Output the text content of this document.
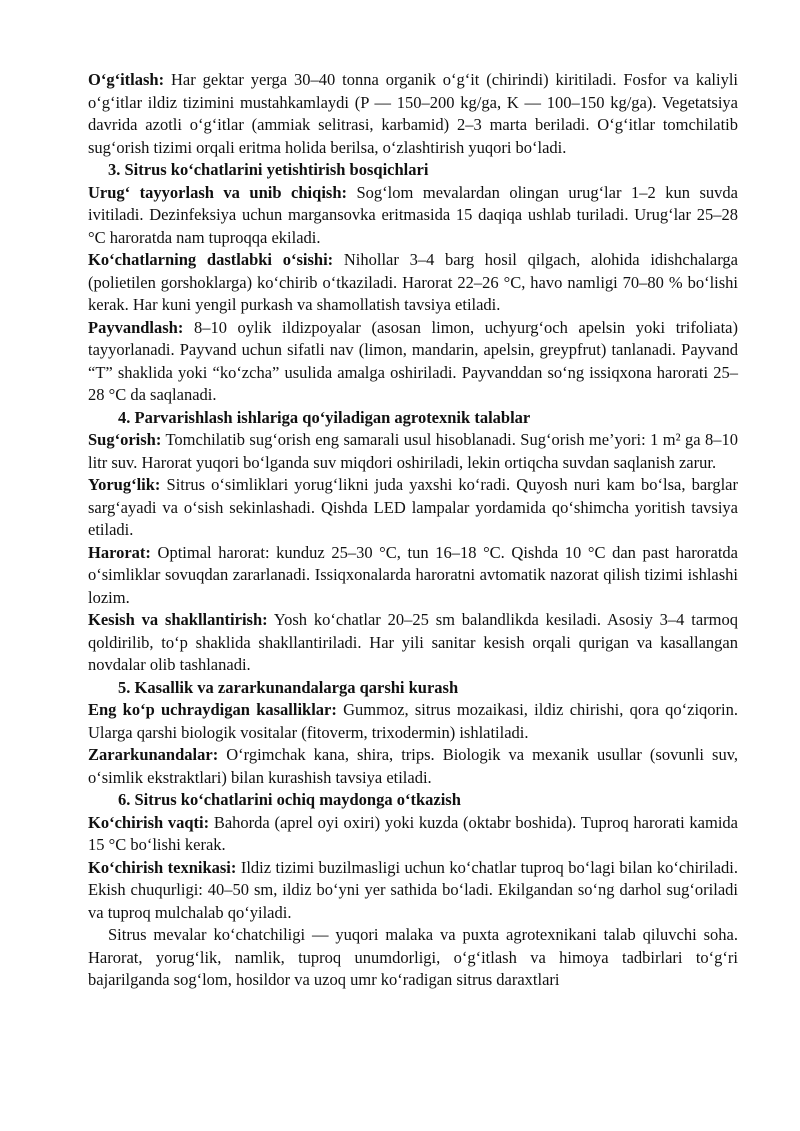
O‘g‘itlash: Har gektar yerga 30–40 tonna organik o‘g‘it (chirindi) kiritiladi. Fosfor va kaliyli o‘g‘itlar ildiz tizimini mustahkamlaydi (P — 150–200 kg/ga, K — 100–150 kg/ga). Vegetatsiya davrida azotli o‘g‘itlar (ammiak selitrasi, karbamid) 2–3 marta beriladi. O‘g‘itlar tomchilatib sug‘orish tizimi orqali eritma holida berilsa, o‘zlashtirish yuqori bo‘ladi.

3. Sitrus ko‘chatlarini yetishtirish bosqichlari

Urug‘ tayyorlash va unib chiqish: Sog‘lom mevalardan olingan urug‘lar 1–2 kun suvda ivitiladi. Dezinfeksiya uchun margansovka eritmasida 15 daqiqa ushlab turiladi. Urug‘lar 25–28 °C haroratda nam tuproqqa ekiladi.

Ko‘chatlarning dastlabki o‘sishi: Nihollar 3–4 barg hosil qilgach, alohida idishchalarga (polietilen gorshoklarga) ko‘chirib o‘tkaziladi. Harorat 22–26 °C, havo namligi 70–80 % bo‘lishi kerak. Har kuni yengil purkash va shamollatish tavsiya etiladi.

Payvandlash: 8–10 oylik ildizpoyalar (asosan limon, uchyurg‘och apelsin yoki trifoliata) tayyorlanadi. Payvand uchun sifatli nav (limon, mandarin, apelsin, greypfrut) tanlanadi. Payvand “T” shaklida yoki “ko‘zcha” usulida amalga oshiriladi. Payvanddan so‘ng issiqxona harorati 25–28 °C da saqlanadi.

4. Parvarishlash ishlariga qo‘yiladigan agrotexnik talablar

Sug‘orish: Tomchilatib sug‘orish eng samarali usul hisoblanadi. Sug‘orish me’yori: 1 m² ga 8–10 litr suv. Harorat yuqori bo‘lganda suv miqdori oshiriladi, lekin ortiqcha suvdan saqlanish zarur.

Yorug‘lik: Sitrus o‘simliklari yorug‘likni juda yaxshi ko‘radi. Quyosh nuri kam bo‘lsa, barglar sarg‘ayadi va o‘sish sekinlashadi. Qishda LED lampalar yordamida qo‘shimcha yoritish tavsiya etiladi.

Harorat: Optimal harorat: kunduz 25–30 °C, tun 16–18 °C. Qishda 10 °C dan past haroratda o‘simliklar sovuqdan zararlanadi. Issiqxonalarda haroratni avtomatik nazorat qilish tizimi ishlashi lozim.

Kesish va shakllantirish: Yosh ko‘chatlar 20–25 sm balandlikda kesiladi. Asosiy 3–4 tarmoq qoldirilib, to‘p shaklida shakllantiriladi. Har yili sanitar kesish orqali qurigan va kasallangan novdalar olib tashlanadi.

5. Kasallik va zararkunandalarga qarshi kurash

Eng ko‘p uchraydigan kasalliklar: Gummoz, sitrus mozaikasi, ildiz chirishi, qora qo‘ziqorin. Ularga qarshi biologik vositalar (fitoverm, trixodermin) ishlatiladi.

Zararkunandalar: O‘rgimchak kana, shira, trips. Biologik va mexanik usullar (sovunli suv, o‘simlik ekstraktlari) bilan kurashish tavsiya etiladi.

6. Sitrus ko‘chatlarini ochiq maydonga o‘tkazish

Ko‘chirish vaqti: Bahorda (aprel oyi oxiri) yoki kuzda (oktabr boshida). Tuproq harorati kamida 15 °C bo‘lishi kerak.

Ko‘chirish texnikasi: Ildiz tizimi buzilmasligi uchun ko‘chatlar tuproq bo‘lagi bilan ko‘chiriladi. Ekish chuqurligi: 40–50 sm, ildiz bo‘yni yer sathida bo‘ladi. Ekilgandan so‘ng darhol sug‘oriladi va tuproq mulchalab qo‘yiladi.

Sitrus mevalar ko‘chatchiligi — yuqori malaka va puxta agrotexnikani talab qiluvchi soha. Harorat, yorug‘lik, namlik, tuproq unumdorligi, o‘g‘itlash va himoya tadbirlari to‘g‘ri bajarilganda sog‘lom, hosildor va uzoq umr ko‘radigan sitrus daraxtlari
